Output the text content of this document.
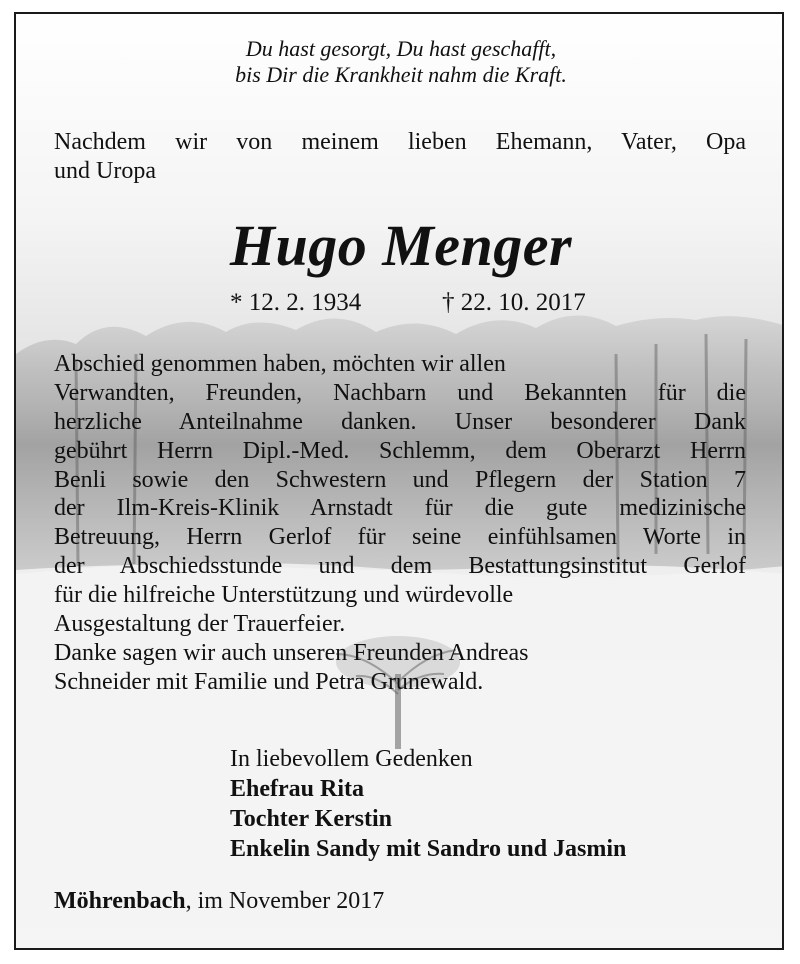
Du hast gesorgt, Du hast geschafft,
bis Dir die Krankheit nahm die Kraft.
Nachdem wir von meinem lieben Ehemann, Vater, Opa
und Uropa
Hugo Menger
* 12. 2. 1934	† 22. 10. 2017
Abschied genommen haben, möchten wir allen
Verwandten, Freunden, Nachbarn und Bekannten für die
herzliche Anteilnahme danken. Unser besonderer Dank
gebührt Herrn Dipl.-Med. Schlemm, dem Oberarzt Herrn
Benli sowie den Schwestern und Pflegern der Station 7
der Ilm-Kreis-Klinik Arnstadt für die gute medizinische
Betreuung, Herrn Gerlof für seine einfühlsamen Worte in
der Abschiedsstunde und dem Bestattungsinstitut Gerlof
für die hilfreiche Unterstützung und würdevolle
Ausgestaltung der Trauerfeier.
Danke sagen wir auch unseren Freunden Andreas
Schneider mit Familie und Petra Grunewald.
In liebevollem Gedenken
Ehefrau Rita
Tochter Kerstin
Enkelin Sandy mit Sandro und Jasmin
Möhrenbach, im November 2017
